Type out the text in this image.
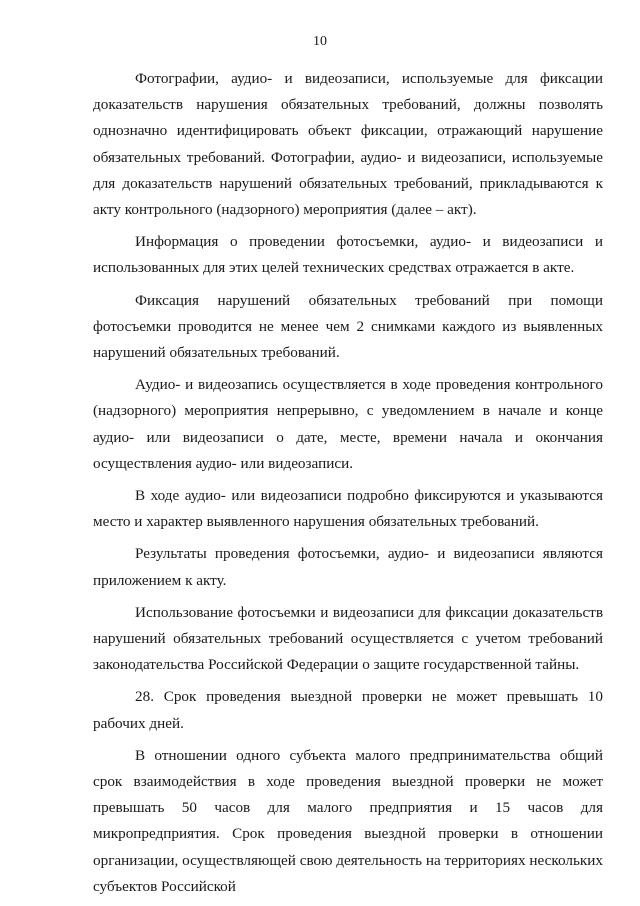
10

Фотографии, аудио- и видеозаписи, используемые для фиксации доказательств нарушения обязательных требований, должны позволять однозначно идентифицировать объект фиксации, отражающий нарушение обязательных требований. Фотографии, аудио- и видеозаписи, используемые для доказательств нарушений обязательных требований, прикладываются к акту контрольного (надзорного) мероприятия (далее – акт).

Информация о проведении фотосъемки, аудио- и видеозаписи и использованных для этих целей технических средствах отражается в акте.

Фиксация нарушений обязательных требований при помощи фотосъемки проводится не менее чем 2 снимками каждого из выявленных нарушений обязательных требований.

Аудио- и видеозапись осуществляется в ходе проведения контрольного (надзорного) мероприятия непрерывно, с уведомлением в начале и конце аудио- или видеозаписи о дате, месте, времени начала и окончания осуществления аудио- или видеозаписи.

В ходе аудио- или видеозаписи подробно фиксируются и указываются место и характер выявленного нарушения обязательных требований.

Результаты проведения фотосъемки, аудио- и видеозаписи являются приложением к акту.

Использование фотосъемки и видеозаписи для фиксации доказательств нарушений обязательных требований осуществляется с учетом требований законодательства Российской Федерации о защите государственной тайны.

28. Срок проведения выездной проверки не может превышать 10 рабочих дней.

В отношении одного субъекта малого предпринимательства общий срок взаимодействия в ходе проведения выездной проверки не может превышать 50 часов для малого предприятия и 15 часов для микропредприятия. Срок проведения выездной проверки в отношении организации, осуществляющей свою деятельность на территориях нескольких субъектов Российской
